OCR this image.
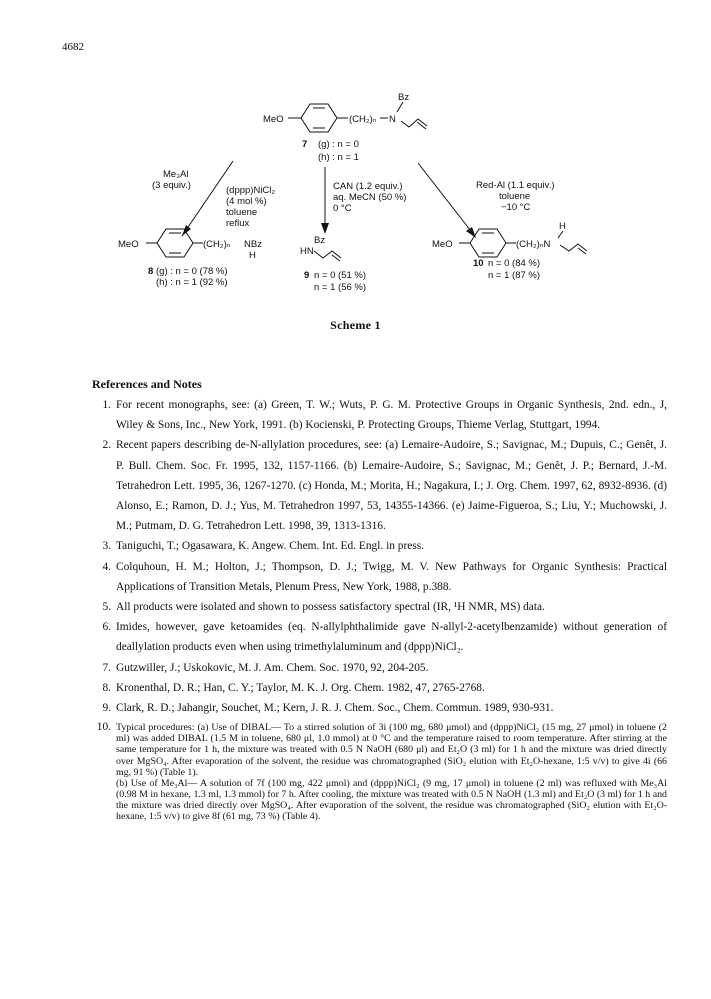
4682
MeO	(CH₂)ₙ N
Bz
7 (g) : n = 0
(h) : n = 1
Me₃Al
(3 equiv.)	(dppp)NiCl₂
(4 mol %)
toluene
reflux
CAN (1.2 equiv.)
aq. MeCN (50 %)
0 °C
Red-Al (1.1 equiv.)
toluene
−10 °C
MeO	(CH₂)ₙ NBz
H
8 (g) : n = 0 (78 %)
(h) : n = 1 (92 %)
Bz
HN
9 n = 0 (51 %)
n = 1 (56 %)
MeO	(CH₂)ₙN
H
10 n = 0 (84 %)
n = 1 (87 %)
Scheme 1
References and Notes
1. For recent monographs, see: (a) Green, T. W.; Wuts, P. G. M. Protective Groups in Organic Synthesis, 2nd. edn., J, Wiley & Sons, Inc., New York, 1991. (b) Kocienski, P. Protecting Groups, Thieme Verlag, Stuttgart, 1994.
2. Recent papers describing de-N-allylation procedures, see: (a) Lemaire-Audoire, S.; Savignac, M.; Dupuis, C.; Genêt, J. P. Bull. Chem. Soc. Fr. 1995, 132, 1157-1166. (b) Lemaire-Audoire, S.; Savignac, M.; Genêt, J. P.; Bernard, J.-M. Tetrahedron Lett. 1995, 36, 1267-1270. (c) Honda, M.; Morita, H.; Nagakura, I.; J. Org. Chem. 1997, 62, 8932-8936. (d) Alonso, E.; Ramon, D. J.; Yus, M. Tetrahedron 1997, 53, 14355-14366. (e) Jaime-Figueroa, S.; Liu, Y.; Muchowski, J. M.; Putmam, D. G. Tetrahedron Lett. 1998, 39, 1313-1316.
3. Taniguchi, T.; Ogasawara, K. Angew. Chem. Int. Ed. Engl. in press.
4. Colquhoun, H. M.; Holton, J.; Thompson, D. J.; Twigg, M. V. New Pathways for Organic Synthesis: Practical Applications of Transition Metals, Plenum Press, New York, 1988, p.388.
5. All products were isolated and shown to possess satisfactory spectral (IR, ¹H NMR, MS) data.
6. Imides, however, gave ketoamides (eq. N-allylphthalimide gave N-allyl-2-acetylbenzamide) without generation of deallylation products even when using trimethylaluminum and (dppp)NiCl₂.
7. Gutzwiller, J.; Uskokovic, M. J. Am. Chem. Soc. 1970, 92, 204-205.
8. Kronenthal, D. R.; Han, C. Y.; Taylor, M. K. J. Org. Chem. 1982, 47, 2765-2768.
9. Clark, R. D.; Jahangir, Souchet, M.; Kern, J. R. J. Chem. Soc., Chem. Commun. 1989, 930-931.
10. Typical procedures: (a) Use of DIBAL— To a stirred solution of 3i (100 mg, 680 μmol) and (dppp)NiCl₂ (15 mg, 27 μmol) in toluene (2 ml) was added DIBAL (1.5 M in toluene, 680 μl, 1.0 mmol) at 0 °C and the temperature raised to room temperature. After stirring at the same temperature for 1 h, the mixture was treated with 0.5 N NaOH (680 μl) and Et₂O (3 ml) for 1 h and the mixture was dried directly over MgSO₄. After evaporation of the solvent, the residue was chromatographed (SiO₂ elution with Et₂O-hexane, 1:5 v/v) to give 4i (66 mg, 91 %) (Table 1).
(b) Use of Me₃Al— A solution of 7f (100 mg, 422 μmol) and (dppp)NiCl₂ (9 mg, 17 μmol) in toluene (2 ml) was refluxed with Me₃Al (0.98 M in hexane, 1.3 ml, 1.3 mmol) for 7 h. After cooling, the mixture was treated with 0.5 N NaOH (1.3 ml) and Et₂O (3 ml) for 1 h and the mixture was dried directly over MgSO₄. After evaporation of the solvent, the residue was chromatographed (SiO₂ elution with Et₂O-hexane, 1:5 v/v) to give 8f (61 mg, 73 %) (Table 4).
